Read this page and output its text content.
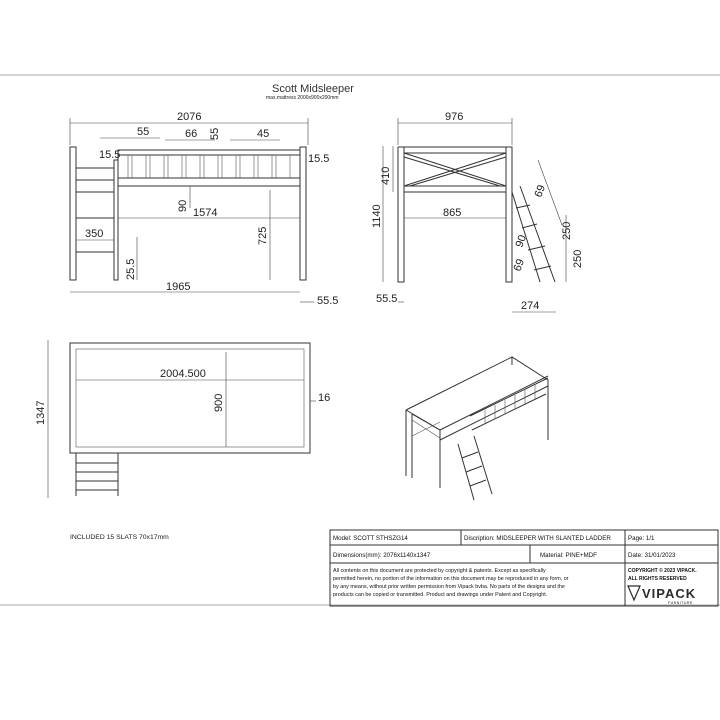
Scott Midsleeper
max.mattress 2000x900x200mm
2076
55	66 55	45
15.5	15.5
90
1574
350	725
25.5
1965
55.5
976
1140
410
865
69
90
69
250
250
55.5
274
1347
2004.500
900	16
INCLUDED 15 SLATS 70x17mm	Model: SCOTT STHSZG14	Discription: MIDSLEEPER WITH SLANTED LADDER	Page: 1/1
Dimensions(mm): 2076x1140x1347	Material: PINE+MDF	Date: 31/01/2023
All contents on this document are protected by copyright & patents. Except as specifically
permitted herein, no portion of the information on this document may be reproduced in any form, or
by any means, without prior written permission from Vipack bvba. No parts of the designs and the
products can be copied or transmitted. Product and drawings under Patent and Copyright.
COPYRIGHT © 2023 VIPACK.
ALL RIGHTS RESERVED
VIPACK
FURNITURE
